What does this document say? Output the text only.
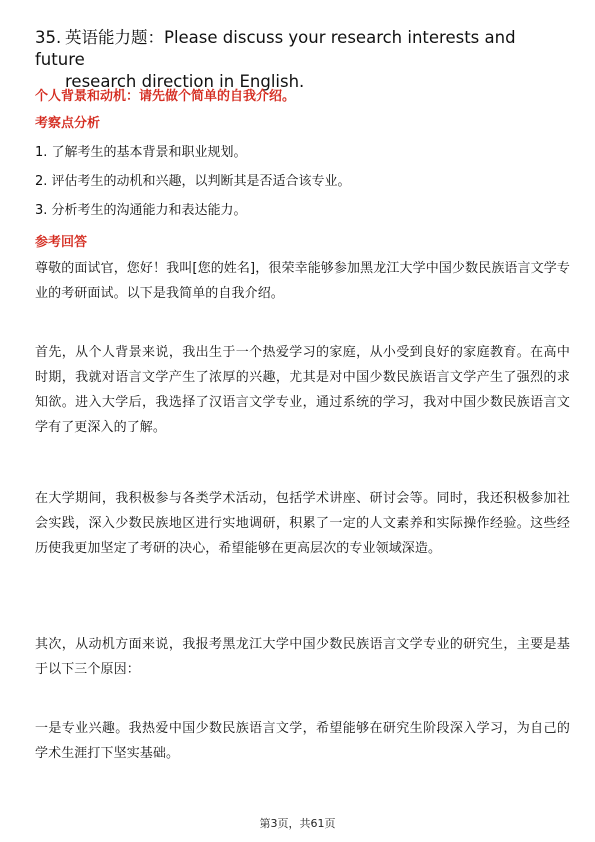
35. 英语能力题：Please discuss your research interests and future
research direction in English.
个人背景和动机：请先做个简单的自我介绍。
考察点分析
1. 了解考生的基本背景和职业规划。
2. 评估考生的动机和兴趣，以判断其是否适合该专业。
3. 分析考生的沟通能力和表达能力。
参考回答
尊敬的面试官，您好！我叫[您的姓名]，很荣幸能够参加黑龙江大学中国少数民族语言文学专业的考研面试。以下是我简单的自我介绍。
首先，从个人背景来说，我出生于一个热爱学习的家庭，从小受到良好的家庭教育。在高中时期，我就对语言文学产生了浓厚的兴趣，尤其是对中国少数民族语言文学产生了强烈的求知欲。进入大学后，我选择了汉语言文学专业，通过系统的学习，我对中国少数民族语言文学有了更深入的了解。
在大学期间，我积极参与各类学术活动，包括学术讲座、研讨会等。同时，我还积极参加社会实践，深入少数民族地区进行实地调研，积累了一定的人文素养和实际操作经验。这些经历使我更加坚定了考研的决心，希望能够在更高层次的专业领域深造。
其次，从动机方面来说，我报考黑龙江大学中国少数民族语言文学专业的研究生，主要是基于以下三个原因：
一是专业兴趣。我热爱中国少数民族语言文学，希望能够在研究生阶段深入学习，为自己的学术生涯打下坚实基础。
第3页，共61页
